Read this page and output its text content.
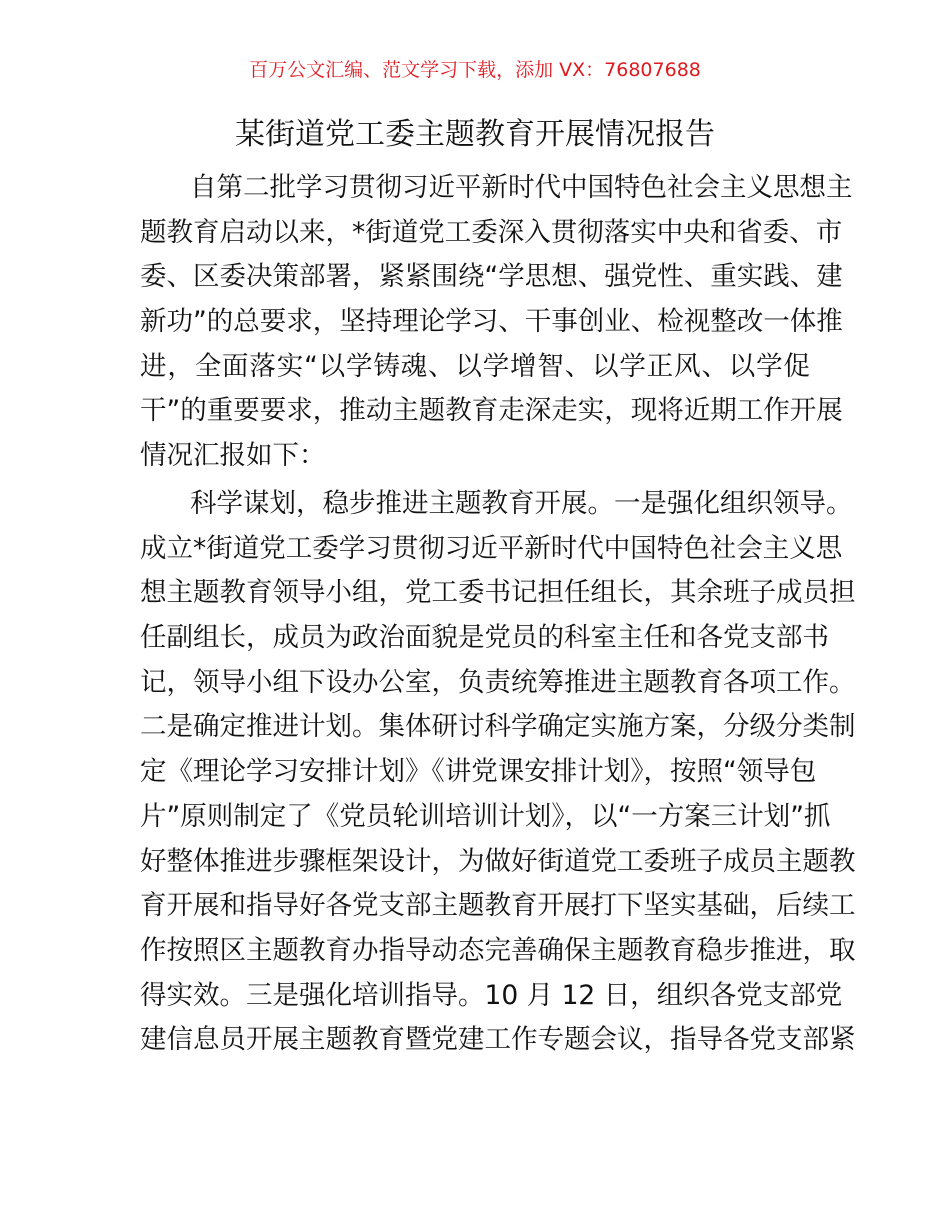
百万公文汇编、范文学习下载，添加 VX：76807688
某街道党工委主题教育开展情况报告
自第二批学习贯彻习近平新时代中国特色社会主义思想主
题教育启动以来，*街道党工委深入贯彻落实中央和省委、市
委、区委决策部署，紧紧围绕“学思想、强党性、重实践、建
新功”的总要求，坚持理论学习、干事创业、检视整改一体推
进，全面落实“以学铸魂、以学增智、以学正风、以学促
干”的重要要求，推动主题教育走深走实，现将近期工作开展
情况汇报如下：
科学谋划，稳步推进主题教育开展。一是强化组织领导。
成立*街道党工委学习贯彻习近平新时代中国特色社会主义思
想主题教育领导小组，党工委书记担任组长，其余班子成员担
任副组长，成员为政治面貌是党员的科室主任和各党支部书
记，领导小组下设办公室，负责统筹推进主题教育各项工作。
二是确定推进计划。集体研讨科学确定实施方案，分级分类制
定《理论学习安排计划》《讲党课安排计划》，按照“领导包
片”原则制定了《党员轮训培训计划》，以“一方案三计划”抓
好整体推进步骤框架设计，为做好街道党工委班子成员主题教
育开展和指导好各党支部主题教育开展打下坚实基础，后续工
作按照区主题教育办指导动态完善确保主题教育稳步推进，取
得实效。三是强化培训指导。10 月 12 日，组织各党支部党
建信息员开展主题教育暨党建工作专题会议，指导各党支部紧
